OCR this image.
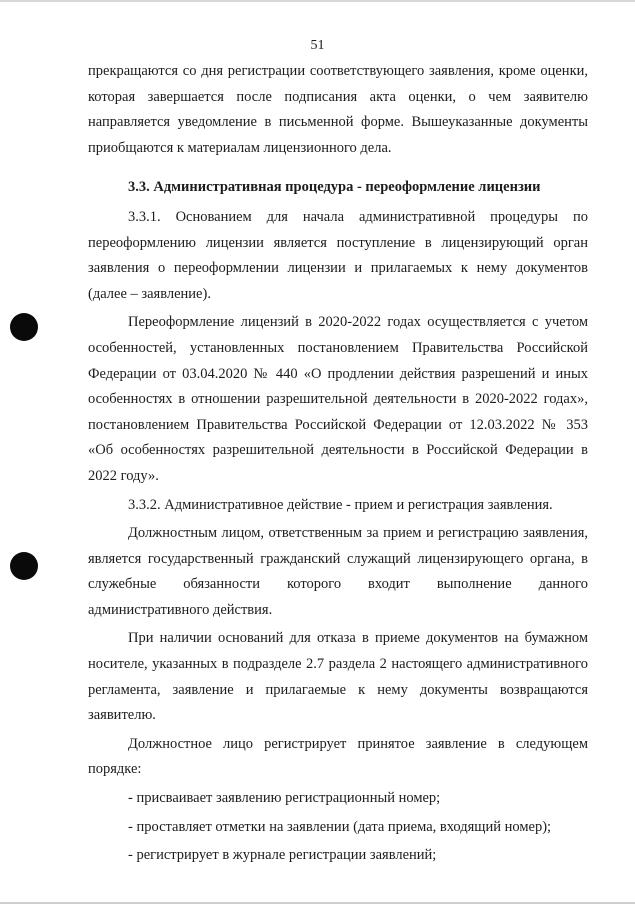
51

прекращаются со дня регистрации соответствующего заявления, кроме оценки, которая завершается после подписания акта оценки, о чем заявителю направляется уведомление в письменной форме. Вышеуказанные документы приобщаются к материалам лицензионного дела.

3.3. Административная процедура - переоформление лицензии

3.3.1. Основанием для начала административной процедуры по переоформлению лицензии является поступление в лицензирующий орган заявления о переоформлении лицензии и прилагаемых к нему документов (далее – заявление).

Переоформление лицензий в 2020-2022 годах осуществляется с учетом особенностей, установленных постановлением Правительства Российской Федерации от 03.04.2020 № 440 «О продлении действия разрешений и иных особенностях в отношении разрешительной деятельности в 2020-2022 годах», постановлением Правительства Российской Федерации от 12.03.2022 № 353 «Об особенностях разрешительной деятельности в Российской Федерации в 2022 году».

3.3.2. Административное действие - прием и регистрация заявления.

Должностным лицом, ответственным за прием и регистрацию заявления, является государственный гражданский служащий лицензирующего органа, в служебные обязанности которого входит выполнение данного административного действия.

При наличии оснований для отказа в приеме документов на бумажном носителе, указанных в подразделе 2.7 раздела 2 настоящего административного регламента, заявление и прилагаемые к нему документы возвращаются заявителю.

Должностное лицо регистрирует принятое заявление в следующем порядке:

- присваивает заявлению регистрационный номер;

- проставляет отметки на заявлении (дата приема, входящий номер);

- регистрирует в журнале регистрации заявлений;
